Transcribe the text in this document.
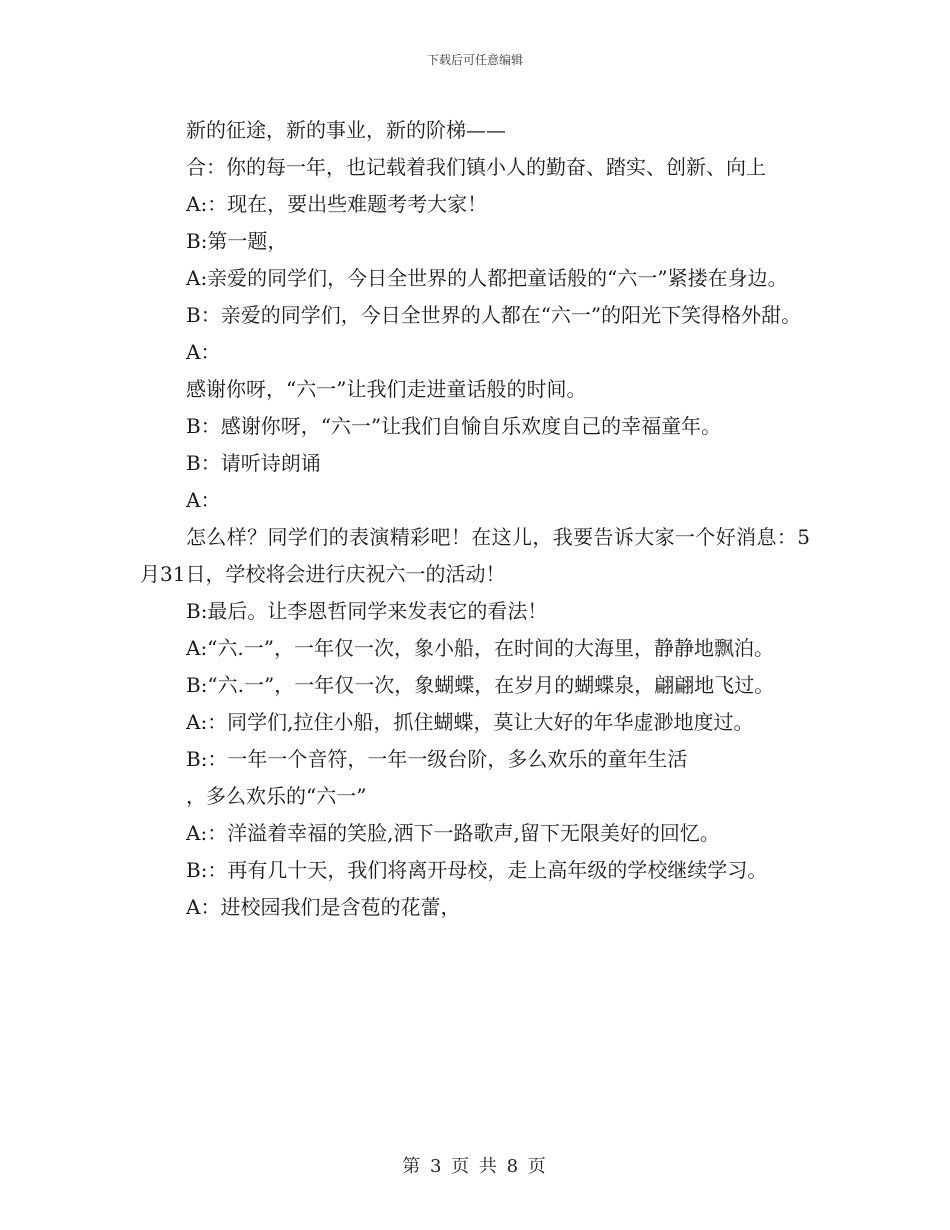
下载后可任意编辑

新的征途，新的事业，新的阶梯——

合：你的每一年，也记载着我们镇小人的勤奋、踏实、创新、向上

A:：现在，要出些难题考考大家！

B:第一题，

A:亲爱的同学们，今日全世界的人都把童话般的“六一”紧搂在身边。

B：亲爱的同学们，今日全世界的人都在“六一”的阳光下笑得格外甜。

A：

感谢你呀，“六一”让我们走进童话般的时间。

B：感谢你呀，“六一”让我们自愉自乐欢度自己的幸福童年。

B：请听诗朗诵

A：

怎么样？同学们的表演精彩吧！在这儿，我要告诉大家一个好消息：5月31日，学校将会进行庆祝六一的活动！

B:最后。让李恩哲同学来发表它的看法！

A:“六.一”，一年仅一次，象小船，在时间的大海里，静静地飘泊。

B:“六.一”，一年仅一次，象蝴蝶，在岁月的蝴蝶泉，翩翩地飞过。

A:：同学们,拉住小船，抓住蝴蝶，莫让大好的年华虚渺地度过。

B:：一年一个音符，一年一级台阶，多么欢乐的童年生活

，多么欢乐的“六一”

A:：洋溢着幸福的笑脸,洒下一路歌声,留下无限美好的回忆。

B:：再有几十天，我们将离开母校，走上高年级的学校继续学习。

A：进校园我们是含苞的花蕾，

第 3 页 共 8 页
